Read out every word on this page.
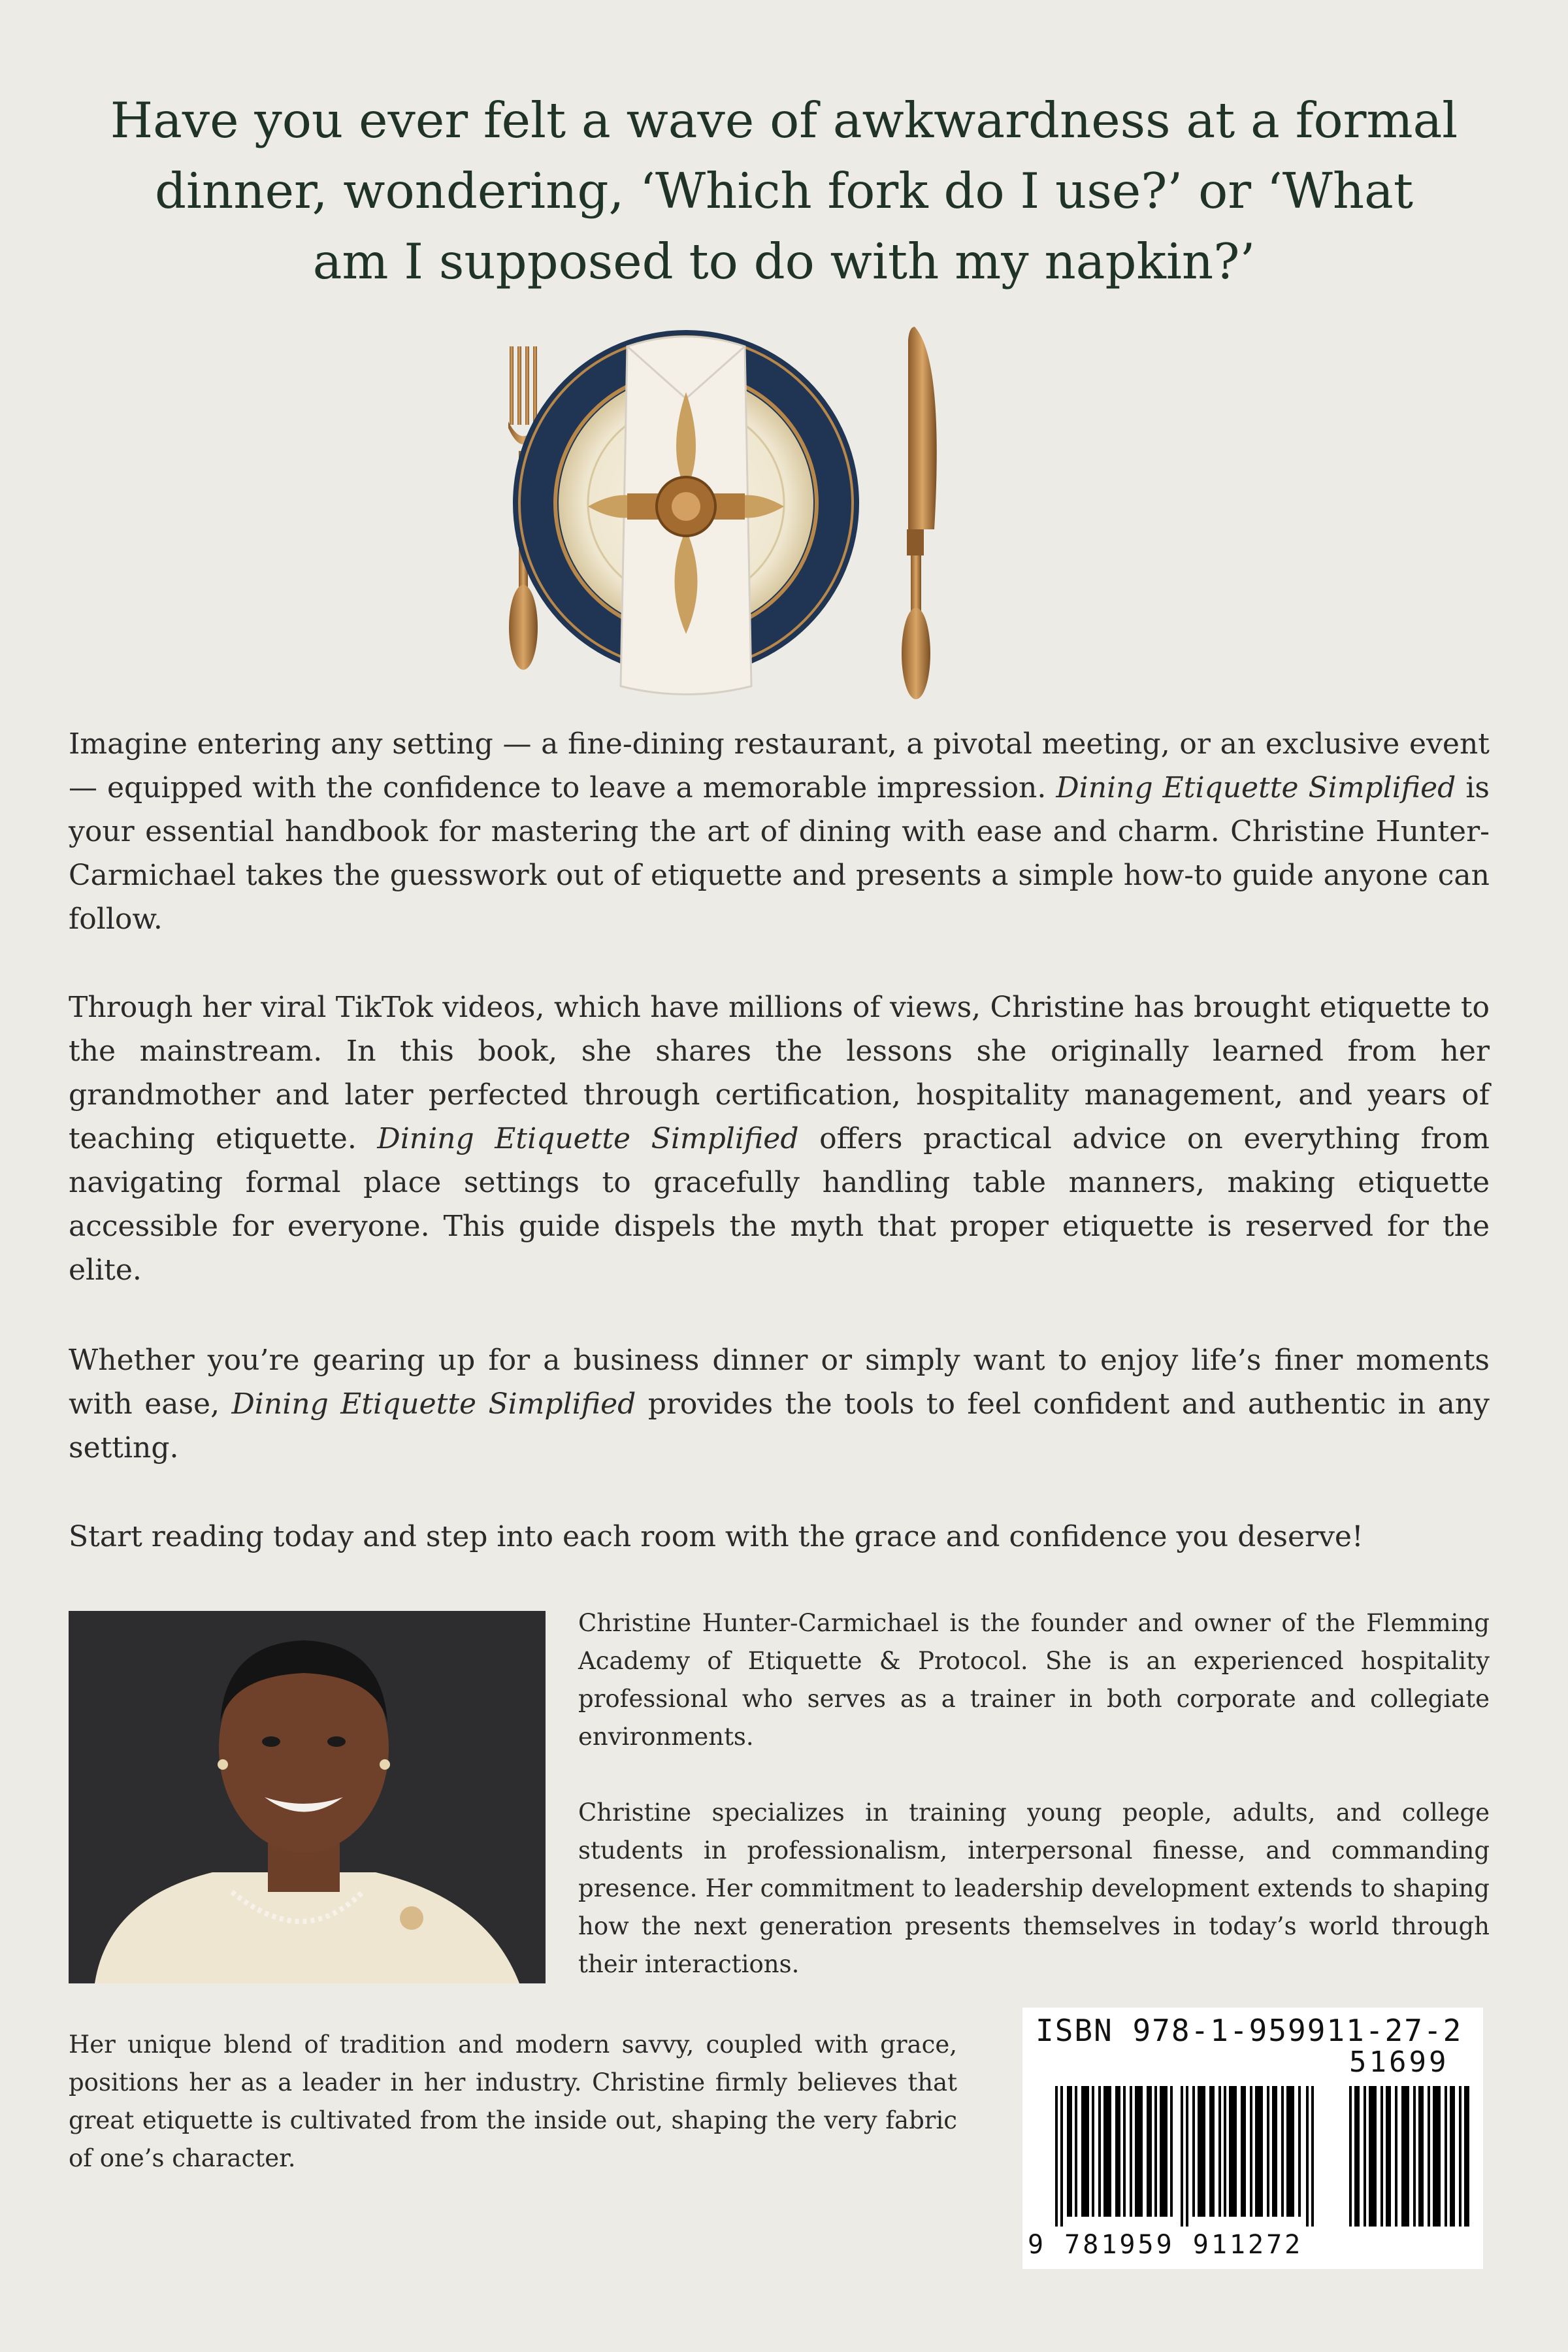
Have you ever felt a wave of awkwardness at a formal
dinner, wondering, ‘Which fork do I use?’ or ‘What
am I supposed to do with my napkin?’

Imagine entering any setting — a fine-dining restaurant, a pivotal meeting, or an exclusive event — equipped with the confidence to leave a memorable impression. Dining Etiquette Simplified is your essential handbook for mastering the art of dining with ease and charm. Christine Hunter-Carmichael takes the guesswork out of etiquette and presents a simple how-to guide anyone can follow.

Through her viral TikTok videos, which have millions of views, Christine has brought etiquette to the mainstream. In this book, she shares the lessons she originally learned from her grandmother and later perfected through certification, hospitality management, and years of teaching etiquette. Dining Etiquette Simplified offers practical advice on everything from navigating formal place settings to gracefully handling table manners, making etiquette accessible for everyone. This guide dispels the myth that proper etiquette is reserved for the elite.

Whether you’re gearing up for a business dinner or simply want to enjoy life’s finer moments with ease, Dining Etiquette Simplified provides the tools to feel confident and authentic in any setting.

Start reading today and step into each room with the grace and confidence you deserve!

Christine Hunter-Carmichael is the founder and owner of the Flemming Academy of Etiquette & Protocol. She is an experienced hospitality professional who serves as a trainer in both corporate and collegiate environments.

Christine specializes in training young people, adults, and college students in professionalism, interpersonal finesse, and commanding presence. Her commitment to leadership development extends to shaping how the next generation presents themselves in today’s world through their interactions.

Her unique blend of tradition and modern savvy, coupled with grace, positions her as a leader in her industry. Christine firmly believes that great etiquette is cultivated from the inside out, shaping the very fabric of one’s character.

ISBN 978-1-959911-27-2
51699
9 781959 911272
